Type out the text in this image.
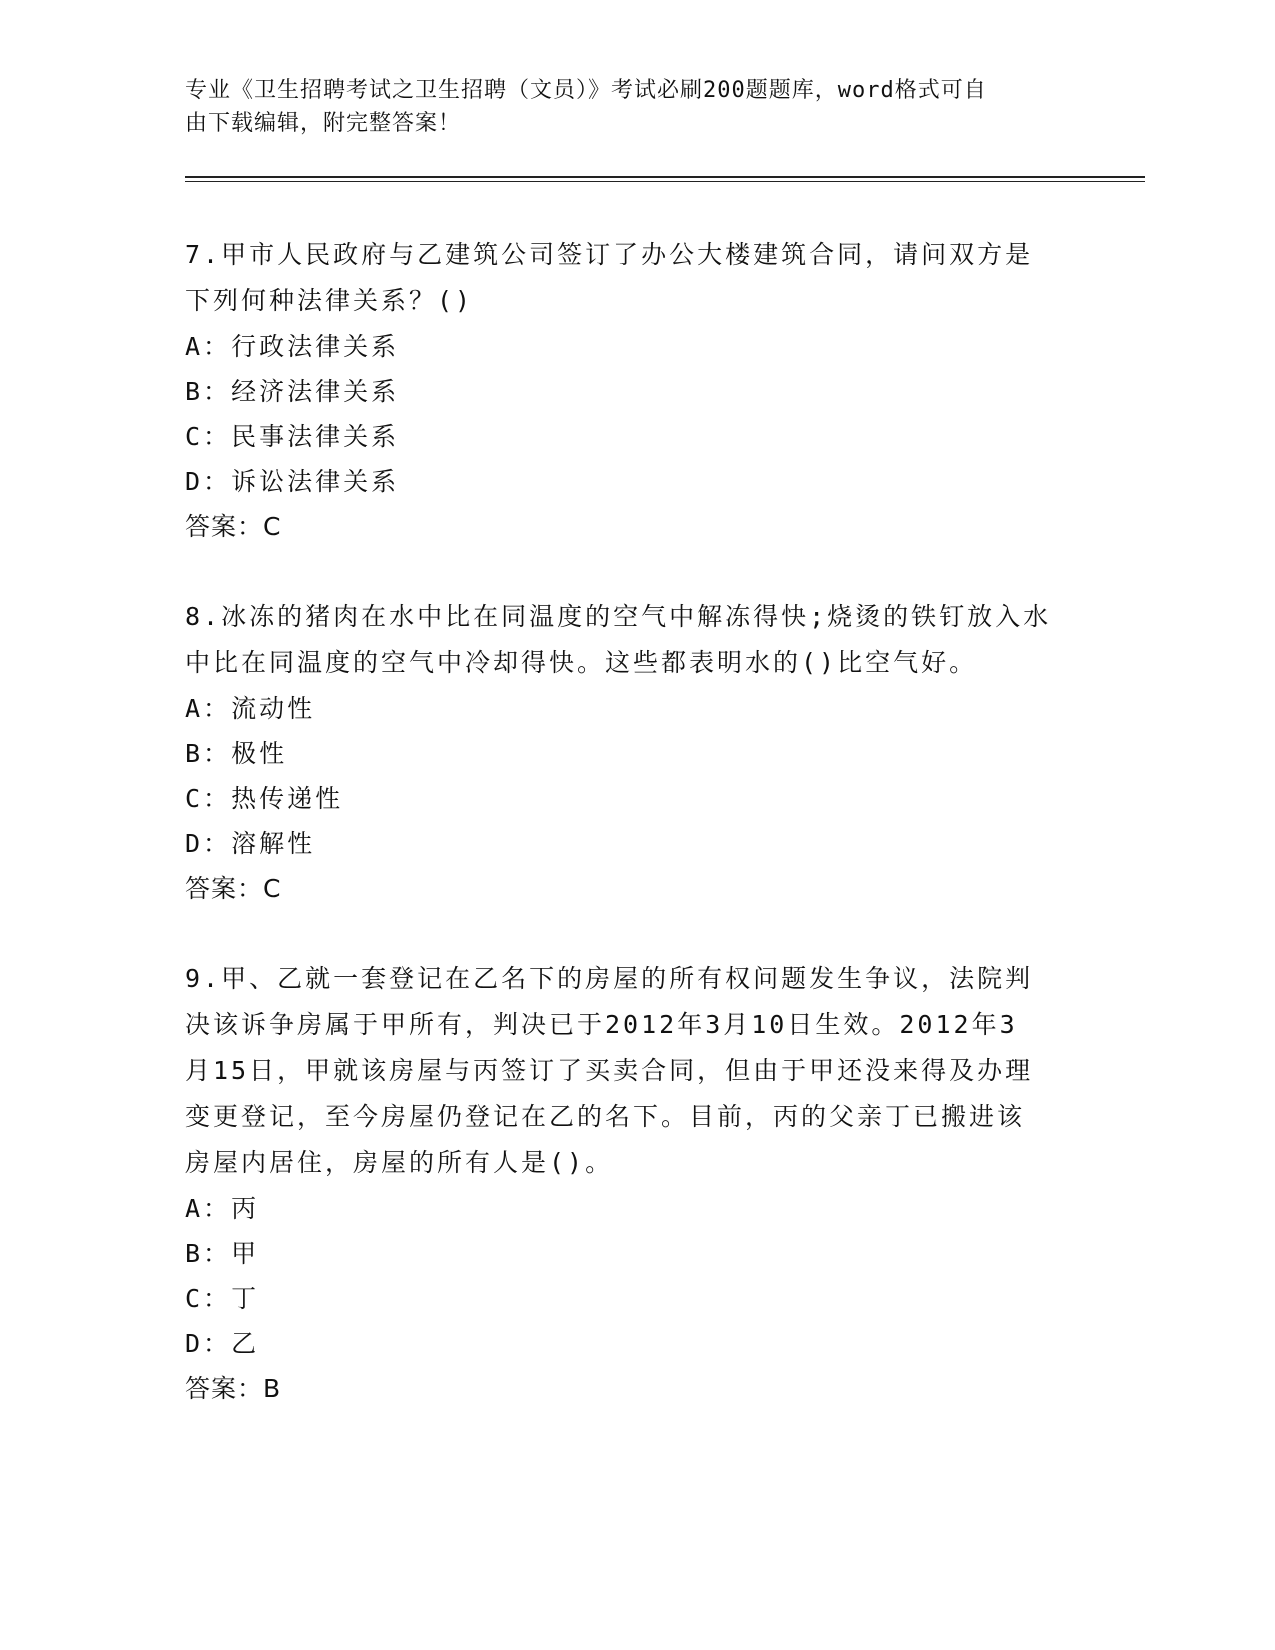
专业《卫生招聘考试之卫生招聘（文员）》考试必刷200题题库，word格式可自
由下载编辑，附完整答案！
7.甲市人民政府与乙建筑公司签订了办公大楼建筑合同，请问双方是
下列何种法律关系？()
A：行政法律关系
B：经济法律关系
C：民事法律关系
D：诉讼法律关系
答案：C
8.冰冻的猪肉在水中比在同温度的空气中解冻得快;烧烫的铁钉放入水
中比在同温度的空气中冷却得快。这些都表明水的()比空气好。
A：流动性
B：极性
C：热传递性
D：溶解性
答案：C
9.甲、乙就一套登记在乙名下的房屋的所有权问题发生争议，法院判
决该诉争房属于甲所有，判决已于2012年3月10日生效。2012年3
月15日，甲就该房屋与丙签订了买卖合同，但由于甲还没来得及办理
变更登记，至今房屋仍登记在乙的名下。目前，丙的父亲丁已搬进该
房屋内居住，房屋的所有人是()。
A：丙
B：甲
C：丁
D：乙
答案：B
